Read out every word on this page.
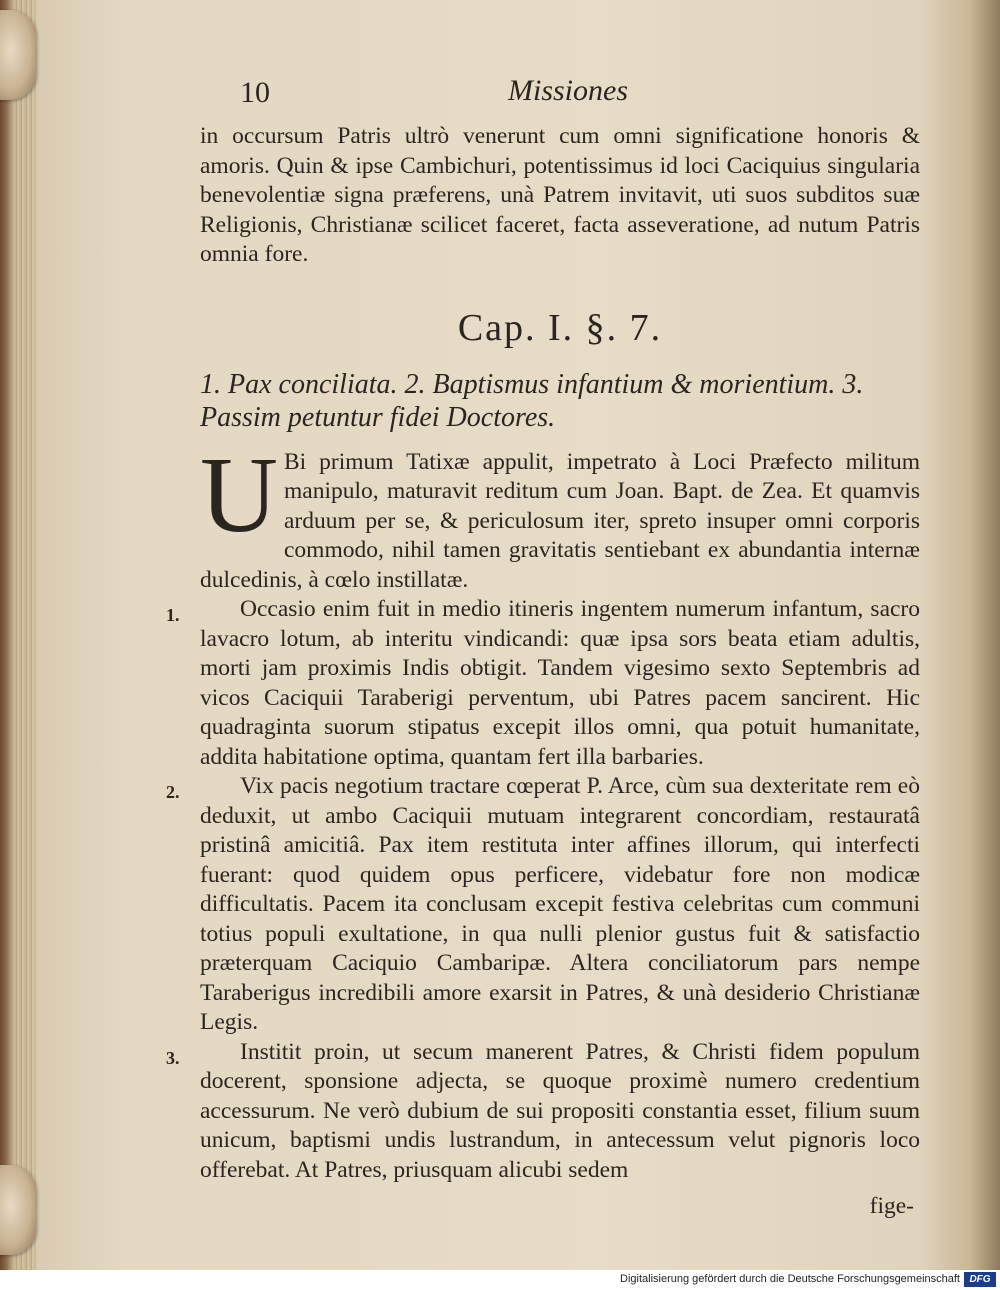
10	Missiones

in occursum Patris ultrò venerunt cum omni significatione honoris & amoris. Quin & ipse Cambichuri, potentissimus id loci Caciquius singularia benevolentiæ signa præferens, unà Patrem invitavit, uti suos subditos suæ Religionis, Christianæ scilicet faceret, facta asseveratione, ad nutum Patris omnia fore.

Cap. I. §. 7.

1. Pax conciliata. 2. Baptismus infantium & morientium. 3. Passim petuntur fidei Doctores.

U Bi primum Tatixæ appulit, impetrato à Loci Præfecto militum manipulo, maturavit reditum cum Joan. Bapt. de Zea. Et quamvis arduum per se, & periculosum iter, spreto insuper omni corporis commodo, nihil tamen gravitatis sentiebant ex abundantia internæ dulcedinis, à cœlo instillatæ.

1.	Occasio enim fuit in medio itineris ingentem numerum infantum, sacro lavacro lotum, ab interitu vindicandi: quæ ipsa sors beata etiam adultis, morti jam proximis Indis obtigit. Tandem vigesimo sexto Septembris ad vicos Caciquii Taraberigi perventum, ubi Patres pacem sancirent. Hic quadraginta suorum stipatus excepit illos omni, qua potuit humanitate, addita habitatione optima, quantam fert illa barbaries.

2.	Vix pacis negotium tractare cœperat P. Arce, cùm sua dexteritate rem eò deduxit, ut ambo Caciquii mutuam integrarent concordiam, restauratâ pristinâ amicitiâ. Pax item restituta inter affines illorum, qui interfecti fuerant: quod quidem opus perficere, videbatur fore non modicæ difficultatis. Pacem ita conclusam excepit festiva celebritas cum communi totius populi exultatione, in qua nulli plenior gustus fuit & satisfactio præterquam Caciquio Cambaripæ. Altera conciliatorum pars nempe Taraberigus incredibili amore exarsit in Patres, & unà desiderio Christianæ Legis.

3.	Institit proin, ut secum manerent Patres, & Christi fidem populum docerent, sponsione adjecta, se quoque proximè numero credentium accessurum. Ne verò dubium de sui propositi constantia esset, filium suum unicum, baptismi undis lustrandum, in antecessum velut pignoris loco offerebat. At Patres, priusquam alicubi sedem

fige-
Digitalisierung gefördert durch die Deutsche Forschungsgemeinschaft DFG
